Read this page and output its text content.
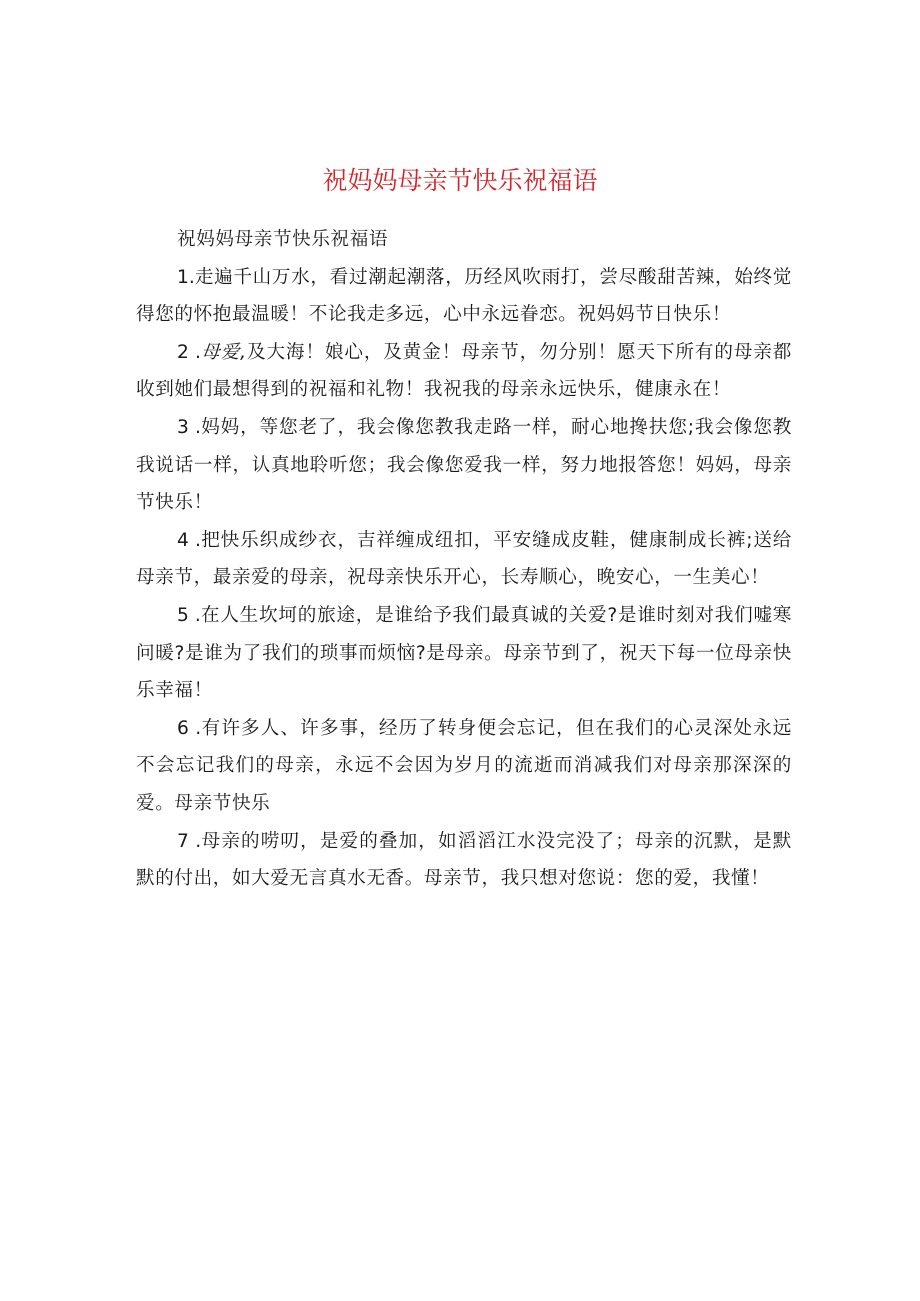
祝妈妈母亲节快乐祝福语

祝妈妈母亲节快乐祝福语

1.走遍千山万水，看过潮起潮落，历经风吹雨打，尝尽酸甜苦辣，始终觉得您的怀抱最温暖！不论我走多远，心中永远眷恋。祝妈妈节日快乐！

2 .母爱,及大海！娘心，及黄金！母亲节，勿分别！愿天下所有的母亲都收到她们最想得到的祝福和礼物！我祝我的母亲永远快乐，健康永在！

3 .妈妈，等您老了，我会像您教我走路一样，耐心地搀扶您;我会像您教我说话一样，认真地聆听您；我会像您爱我一样，努力地报答您！妈妈，母亲节快乐！

4 .把快乐织成纱衣，吉祥缠成纽扣，平安缝成皮鞋，健康制成长裤;送给母亲节，最亲爱的母亲，祝母亲快乐开心，长寿顺心，晚安心，一生美心！

5 .在人生坎坷的旅途，是谁给予我们最真诚的关爱?是谁时刻对我们嘘寒问暖?是谁为了我们的琐事而烦恼?是母亲。母亲节到了，祝天下每一位母亲快乐幸福！

6 .有许多人、许多事，经历了转身便会忘记，但在我们的心灵深处永远不会忘记我们的母亲，永远不会因为岁月的流逝而消减我们对母亲那深深的爱。母亲节快乐

7 .母亲的唠叨，是爱的叠加，如滔滔江水没完没了；母亲的沉默，是默默的付出，如大爱无言真水无香。母亲节，我只想对您说：您的爱，我懂！
